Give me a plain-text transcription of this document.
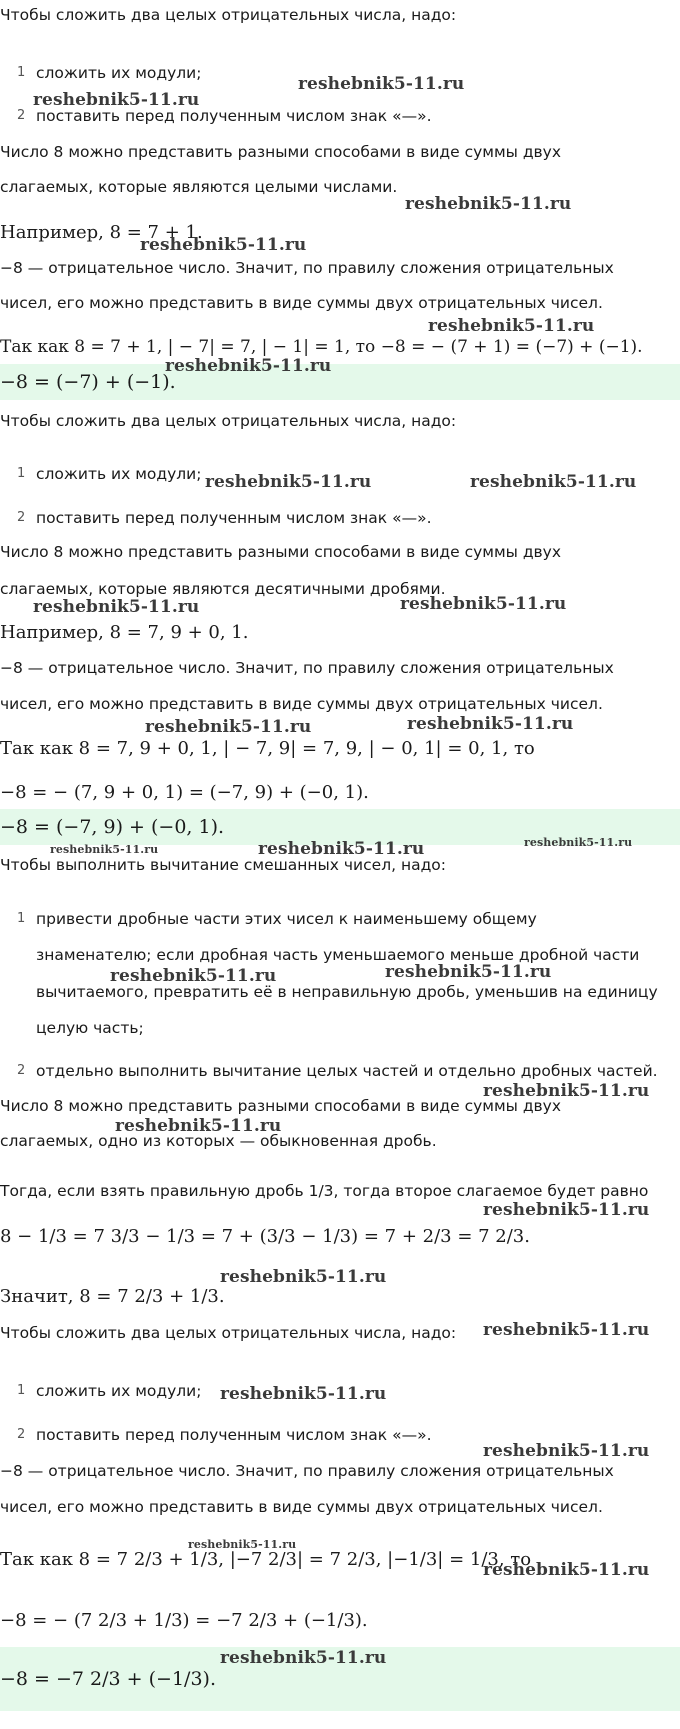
Чтобы сложить два целых отрицательных числа, надо:
1 сложить их модули;
2 поставить перед полученным числом знак «—».
Число 8 можно представить разными способами в виде суммы двух
слагаемых, которые являются целыми числами.
Например, 8 = 7 + 1.
−8 — отрицательное число. Значит, по правилу сложения отрицательных
чисел, его можно представить в виде суммы двух отрицательных чисел.
Так как 8 = 7 + 1, | − 7| = 7, | − 1| = 1, то −8 = − (7 + 1) = (−7) + (−1).
−8 = (−7) + (−1).
Чтобы сложить два целых отрицательных числа, надо:
1 сложить их модули;
2 поставить перед полученным числом знак «—».
Число 8 можно представить разными способами в виде суммы двух
слагаемых, которые являются десятичными дробями.
Например, 8 = 7, 9 + 0, 1.
−8 — отрицательное число. Значит, по правилу сложения отрицательных
чисел, его можно представить в виде суммы двух отрицательных чисел.
Так как 8 = 7, 9 + 0, 1, | − 7, 9| = 7, 9, | − 0, 1| = 0, 1, то
−8 = − (7, 9 + 0, 1) = (−7, 9) + (−0, 1).
−8 = (−7, 9) + (−0, 1).
Чтобы выполнить вычитание смешанных чисел, надо:
1 привести дробные части этих чисел к наименьшему общему
знаменателю; если дробная часть уменьшаемого меньше дробной части
вычитаемого, превратить её в неправильную дробь, уменьшив на единицу
целую часть;
2 отдельно выполнить вычитание целых частей и отдельно дробных частей.
Число 8 можно представить разными способами в виде суммы двух
слагаемых, одно из которых — обыкновенная дробь.
Тогда, если взять правильную дробь 1/3, тогда второе слагаемое будет равно
8 − 1/3 = 7 3/3 − 1/3 = 7 + (3/3 − 1/3) = 7 + 2/3 = 7 2/3.
Значит, 8 = 7 2/3 + 1/3.
Чтобы сложить два целых отрицательных числа, надо:
1 сложить их модули;
2 поставить перед полученным числом знак «—».
−8 — отрицательное число. Значит, по правилу сложения отрицательных
чисел, его можно представить в виде суммы двух отрицательных чисел.
Так как 8 = 7 2/3 + 1/3, |−7 2/3| = 7 2/3, |−1/3| = 1/3, то
−8 = − (7 2/3 + 1/3) = −7 2/3 + (−1/3).
−8 = −7 2/3 + (−1/3).
reshebnik5-11.ru
reshebnik5-11.ru
reshebnik5-11.ru
reshebnik5-11.ru
reshebnik5-11.ru
reshebnik5-11.ru
reshebnik5-11.ru	reshebnik5-11.ru
reshebnik5-11.ru	reshebnik5-11.ru
reshebnik5-11.ru	reshebnik5-11.ru
reshebnik5-11.ru	reshebnik5-11.ru	reshebnik5-11.ru
reshebnik5-11.ru	reshebnik5-11.ru
reshebnik5-11.ru
reshebnik5-11.ru
reshebnik5-11.ru
reshebnik5-11.ru
reshebnik5-11.ru
reshebnik5-11.ru
reshebnik5-11.ru
reshebnik5-11.ru
reshebnik5-11.ru
reshebnik5-11.ru
